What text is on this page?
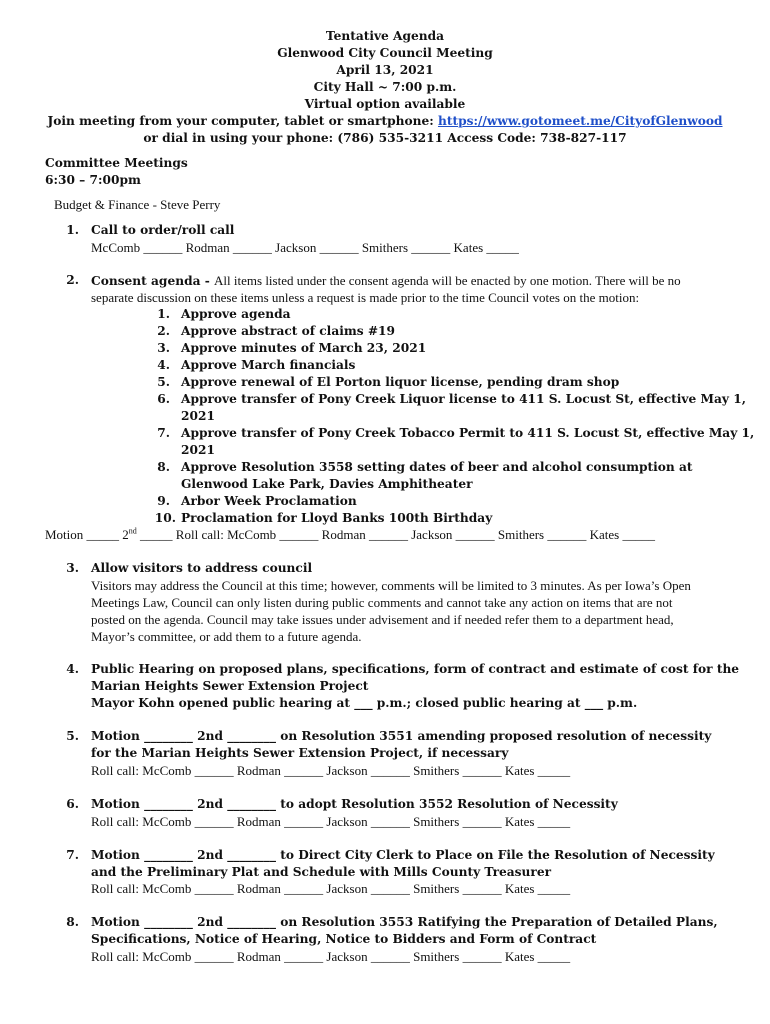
Tentative Agenda
Glenwood City Council Meeting
April 13, 2021
City Hall ~ 7:00 p.m.
Virtual option available
Join meeting from your computer, tablet or smartphone: https://www.gotomeet.me/CityofGlenwood
or dial in using your phone: (786) 535-3211 Access Code: 738-827-117
Committee Meetings
6:30 – 7:00pm
Budget & Finance - Steve Perry
1. Call to order/roll call
McComb ______ Rodman ______ Jackson ______ Smithers ______ Kates _____
2. Consent agenda - All items listed under the consent agenda will be enacted by one motion. There will be no
separate discussion on these items unless a request is made prior to the time Council votes on the motion:
1. Approve agenda
2. Approve abstract of claims #19
3. Approve minutes of March 23, 2021
4. Approve March financials
5. Approve renewal of El Porton liquor license, pending dram shop
6. Approve transfer of Pony Creek Liquor license to 411 S. Locust St, effective May 1,
2021
7. Approve transfer of Pony Creek Tobacco Permit to 411 S. Locust St, effective May 1,
2021
8. Approve Resolution 3558 setting dates of beer and alcohol consumption at
Glenwood Lake Park, Davies Amphitheater
9. Arbor Week Proclamation
10. Proclamation for Lloyd Banks 100th Birthday
Motion _____ 2nd _____ Roll call: McComb ______ Rodman ______ Jackson ______ Smithers ______ Kates _____
3. Allow visitors to address council
Visitors may address the Council at this time; however, comments will be limited to 3 minutes. As per Iowa’s Open
Meetings Law, Council can only listen during public comments and cannot take any action on items that are not
posted on the agenda. Council may take issues under advisement and if needed refer them to a department head,
Mayor’s committee, or add them to a future agenda.
4. Public Hearing on proposed plans, specifications, form of contract and estimate of cost for the
Marian Heights Sewer Extension Project
Mayor Kohn opened public hearing at ___ p.m.; closed public hearing at ___ p.m.
5. Motion ________ 2nd ________ on Resolution 3551 amending proposed resolution of necessity
for the Marian Heights Sewer Extension Project, if necessary
Roll call: McComb ______ Rodman ______ Jackson ______ Smithers ______ Kates _____
6. Motion ________ 2nd ________ to adopt Resolution 3552 Resolution of Necessity
Roll call: McComb ______ Rodman ______ Jackson ______ Smithers ______ Kates _____
7. Motion ________ 2nd ________ to Direct City Clerk to Place on File the Resolution of Necessity
and the Preliminary Plat and Schedule with Mills County Treasurer
Roll call: McComb ______ Rodman ______ Jackson ______ Smithers ______ Kates _____
8. Motion ________ 2nd ________ on Resolution 3553 Ratifying the Preparation of Detailed Plans,
Specifications, Notice of Hearing, Notice to Bidders and Form of Contract
Roll call: McComb ______ Rodman ______ Jackson ______ Smithers ______ Kates _____
